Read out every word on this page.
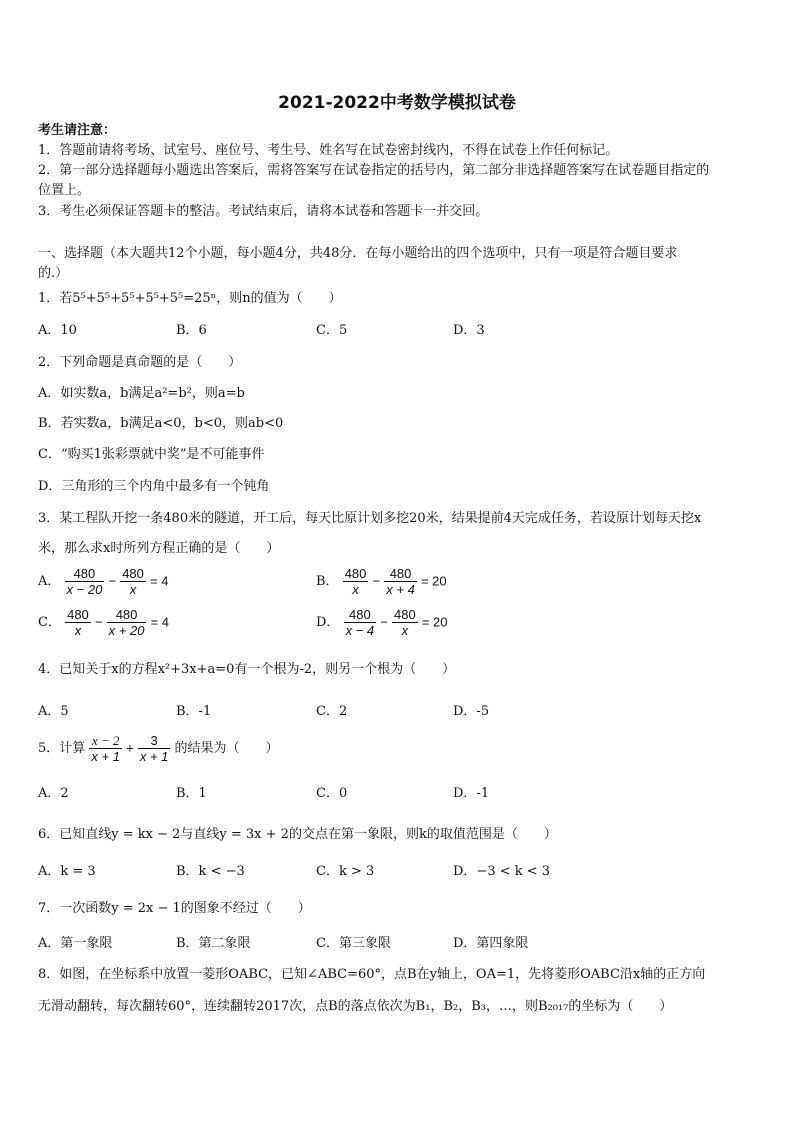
2021-2022中考数学模拟试卷
考生请注意：
1．答题前请将考场、试室号、座位号、考生号、姓名写在试卷密封线内，不得在试卷上作任何标记。
2．第一部分选择题每小题选出答案后，需将答案写在试卷指定的括号内，第二部分非选择题答案写在试卷题目指定的
位置上。
3．考生必须保证答题卡的整洁。考试结束后，请将本试卷和答题卡一并交回。
一、选择题（本大题共12个小题，每小题4分，共48分．在每小题给出的四个选项中，只有一项是符合题目要求
的.）
1．若5⁵+5⁵+5⁵+5⁵+5⁵=25ⁿ，则n的值为（　　）
A．10	B．6	C．5	D．3
2．下列命题是真命题的是（　　）
A．如实数a，b满足a²=b²，则a=b
B．若实数a，b满足a<0，b<0，则ab<0
C．“购买1张彩票就中奖”是不可能事件
D．三角形的三个内角中最多有一个钝角
3．某工程队开挖一条480米的隧道，开工后，每天比原计划多挖20米，结果提前4天完成任务，若设原计划每天挖x
米，那么求x时所列方程正确的是（　　）
A． $\frac{480}{x - 20} - \frac{480}{x} = 4$	B． $\frac{480}{x} - \frac{480}{x + 4} = 20$
C． $\frac{480}{x} - \frac{480}{x + 20} = 4$	D． $\frac{480}{x - 4} - \frac{480}{x} = 20$
4．已知关于x的方程x²+3x+a=0有一个根为-2，则另一个根为（　　）
A．5	B．-1	C．2	D．-5
5．计算 $\frac{x - 2}{x + 1} + \frac{3}{x + 1}$ 的结果为（　　）
A．2	B．1	C．0	D．-1
6．已知直线y = kx − 2与直线y = 3x + 2的交点在第一象限，则k的取值范围是（　　）
A．k = 3	B．k < −3	C．k > 3	D．−3 < k < 3
7．一次函数y = 2x − 1的图象不经过（　　）
A．第一象限	B．第二象限	C．第三象限	D．第四象限
8．如图，在坐标系中放置一菱形OABC，已知∠ABC=60°，点B在y轴上，OA=1，先将菱形OABC沿x轴的正方向
无滑动翻转，每次翻转60°，连续翻转2017次，点B的落点依次为B₁，B₂，B₃，…，则B₂₀₁₇的坐标为（　　）
